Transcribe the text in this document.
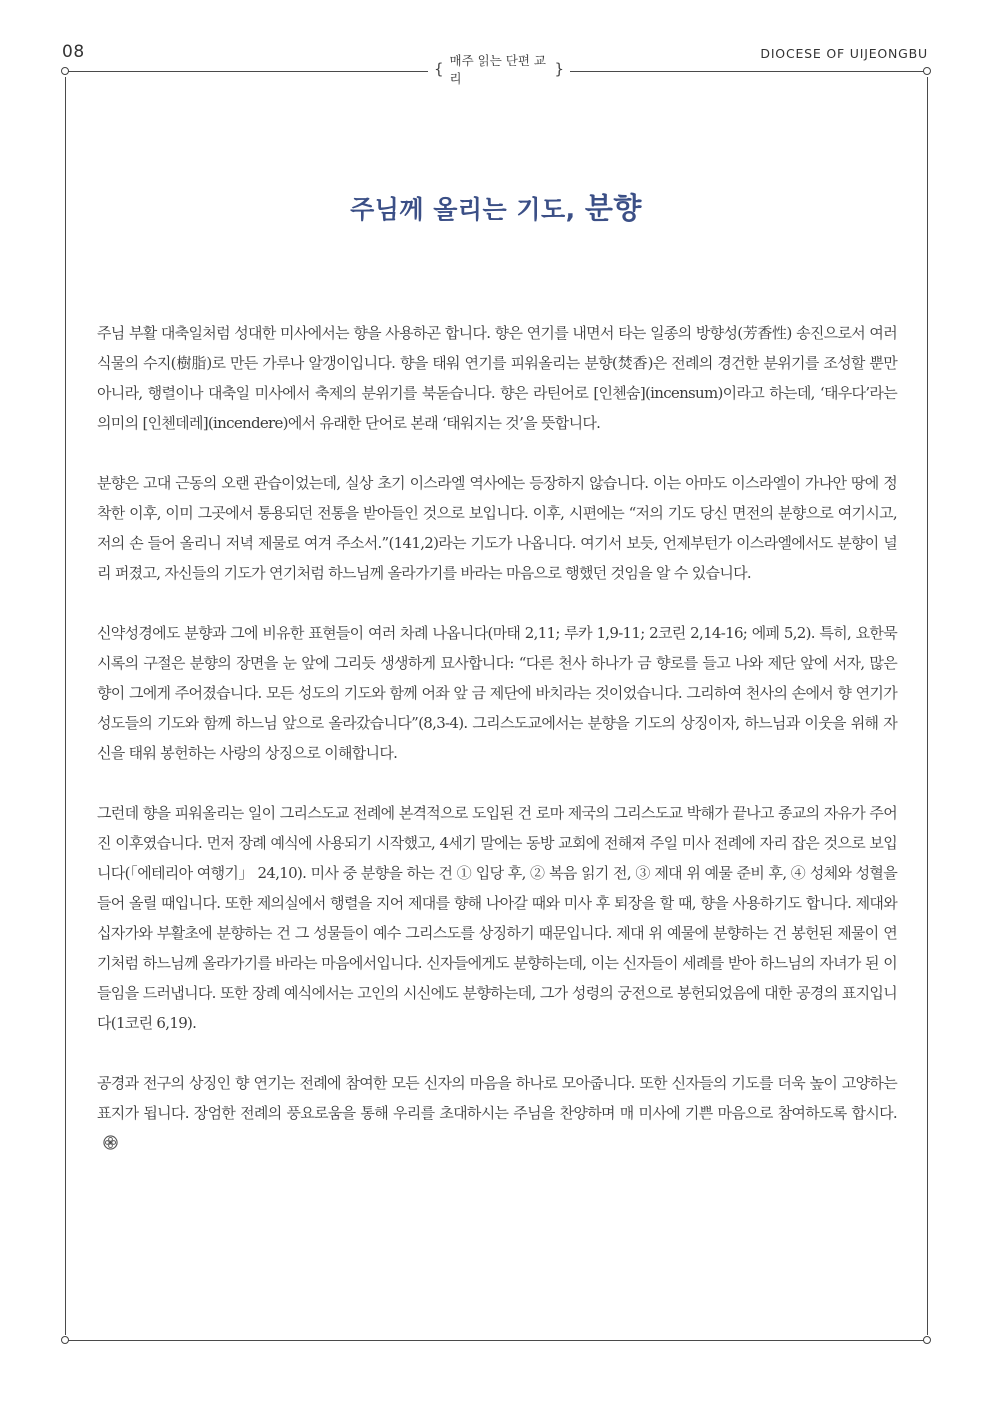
08	DIOCESE OF UIJEONGBU
{ 매주 읽는 단편 교리
}
주님께 올리는 기도, 분향

주님 부활 대축일처럼 성대한 미사에서는 향을 사용하곤 합니다. 향은 연기를 내면서 타는 일종의 방향성(芳香性) 송진으로서 여러 식물의 수지(樹脂)로 만든 가루나 알갱이입니다. 향을 태워 연기를 피워올리는 분향(焚香)은 전례의 경건한 분위기를 조성할 뿐만 아니라, 행렬이나 대축일 미사에서 축제의 분위기를 북돋습니다. 향은 라틴어로 [인첸숨](incensum)이라고 하는데, ‘태우다’라는 의미의 [인첸데레](incendere)에서 유래한 단어로 본래 ‘태워지는 것’을 뜻합니다.

분향은 고대 근동의 오랜 관습이었는데, 실상 초기 이스라엘 역사에는 등장하지 않습니다. 이는 아마도 이스라엘이 가나안 땅에 정착한 이후, 이미 그곳에서 통용되던 전통을 받아들인 것으로 보입니다. 이후, 시편에는 “저의 기도 당신 면전의 분향으로 여기시고, 저의 손 들어 올리니 저녁 제물로 여겨 주소서.”(141,2)라는 기도가 나옵니다. 여기서 보듯, 언제부턴가 이스라엘에서도 분향이 널리 퍼졌고, 자신들의 기도가 연기처럼 하느님께 올라가기를 바라는 마음으로 행했던 것임을 알 수 있습니다.

신약성경에도 분향과 그에 비유한 표현들이 여러 차례 나옵니다(마태 2,11; 루카 1,9-11; 2코린 2,14-16; 에페 5,2). 특히, 요한묵시록의 구절은 분향의 장면을 눈 앞에 그리듯 생생하게 묘사합니다: “다른 천사 하나가 금 향로를 들고 나와 제단 앞에 서자, 많은 향이 그에게 주어졌습니다. 모든 성도의 기도와 함께 어좌 앞 금 제단에 바치라는 것이었습니다. 그리하여 천사의 손에서 향 연기가 성도들의 기도와 함께 하느님 앞으로 올라갔습니다”(8,3-4). 그리스도교에서는 분향을 기도의 상징이자, 하느님과 이웃을 위해 자신을 태워 봉헌하는 사랑의 상징으로 이해합니다.

그런데 향을 피워올리는 일이 그리스도교 전례에 본격적으로 도입된 건 로마 제국의 그리스도교 박해가 끝나고 종교의 자유가 주어진 이후였습니다. 먼저 장례 예식에 사용되기 시작했고, 4세기 말에는 동방 교회에 전해져 주일 미사 전례에 자리 잡은 것으로 보입니다(「에테리아 여행기」 24,10). 미사 중 분향을 하는 건 ① 입당 후, ② 복음 읽기 전, ③ 제대 위 예물 준비 후, ④ 성체와 성혈을 들어 올릴 때입니다. 또한 제의실에서 행렬을 지어 제대를 향해 나아갈 때와 미사 후 퇴장을 할 때, 향을 사용하기도 합니다. 제대와 십자가와 부활초에 분향하는 건 그 성물들이 예수 그리스도를 상징하기 때문입니다. 제대 위 예물에 분향하는 건 봉헌된 제물이 연기처럼 하느님께 올라가기를 바라는 마음에서입니다. 신자들에게도 분향하는데, 이는 신자들이 세례를 받아 하느님의 자녀가 된 이들임을 드러냅니다. 또한 장례 예식에서는 고인의 시신에도 분향하는데, 그가 성령의 궁전으로 봉헌되었음에 대한 공경의 표지입니다(1코린 6,19).

공경과 전구의 상징인 향 연기는 전례에 참여한 모든 신자의 마음을 하나로 모아줍니다. 또한 신자들의 기도를 더욱 높이 고양하는 표지가 됩니다. 장엄한 전례의 풍요로움을 통해 우리를 초대하시는 주님을 찬양하며 매 미사에 기쁜 마음으로 참여하도록 합시다.
